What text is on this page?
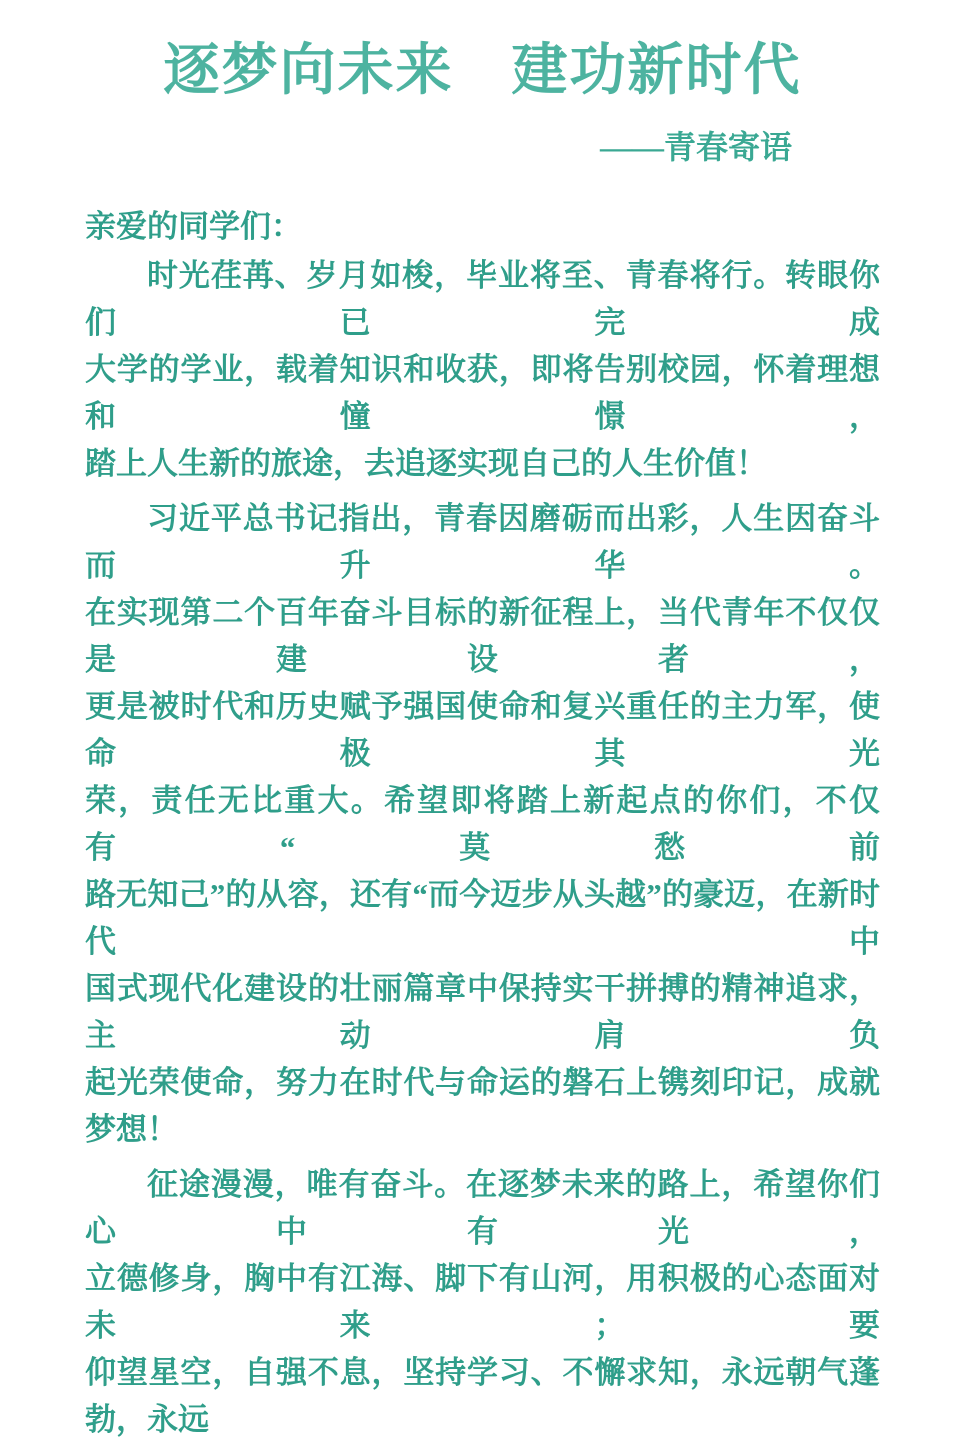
逐梦向未来　建功新时代
——青春寄语
亲爱的同学们：
时光荏苒、岁月如梭，毕业将至、青春将行。转眼你们已完成
大学的学业，载着知识和收获，即将告别校园，怀着理想和憧憬，
踏上人生新的旅途，去追逐实现自己的人生价值！
习近平总书记指出，青春因磨砺而出彩，人生因奋斗而升华。
在实现第二个百年奋斗目标的新征程上，当代青年不仅仅是建设者，
更是被时代和历史赋予强国使命和复兴重任的主力军，使命极其光
荣，责任无比重大。希望即将踏上新起点的你们，不仅有“莫愁前
路无知己”的从容，还有“而今迈步从头越”的豪迈，在新时代中
国式现代化建设的壮丽篇章中保持实干拼搏的精神追求，主动肩负
起光荣使命，努力在时代与命运的磐石上镌刻印记，成就梦想！
征途漫漫，唯有奋斗。在逐梦未来的路上，希望你们心中有光，
立德修身，胸中有江海、脚下有山河，用积极的心态面对未来；要
仰望星空，自强不息，坚持学习、不懈求知，永远朝气蓬勃，永远
